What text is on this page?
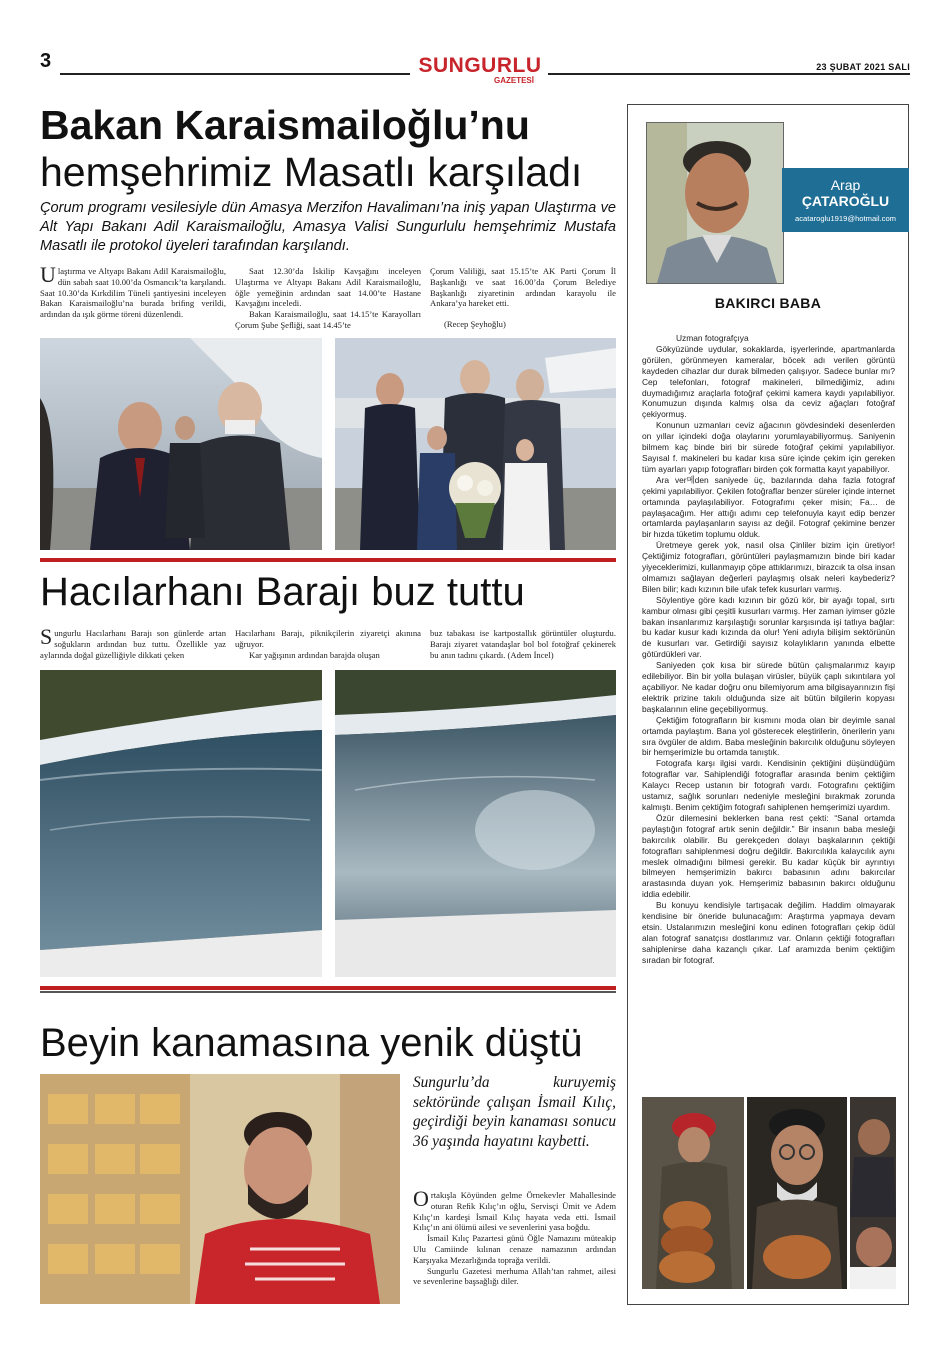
3	SUNGURLU
GAZETESİ
23 ŞUBAT 2021 SALI
Bakan Karaismailoğlu’nu
hemşehrimiz Masatlı karşıladı
Çorum programı vesilesiyle dün Amasya Merzifon Havalimanı’na iniş yapan Ulaştırma ve Alt Yapı Bakanı Adil Karaismailoğlu, Amasya Valisi Sungurlulu hemşehrimiz Mustafa Masatlı ile protokol üyeleri tarafından karşılandı.
Ulaştırma ve Altyapı Bakanı Adil Karaismailoğlu, dün sabah saat 10.00’da Osmancık’ta karşılandı. Saat 10.30’da Kırkdilim Tüneli şantiyesini inceleyen Bakan Karaismailoğlu’na burada briﬁng verildi, ardından da ışık görme töreni düzenlendi.

Saat 12.30’da İskilip Kavşağını inceleyen Ulaştırma ve Altyapı Bakanı Adil Karaismailoğlu, öğle yemeğinin ardından saat 14.00’te Hastane Kavşağını inceledi.

Bakan Karaismailoğlu, saat 14.15’te Karayolları Çorum Şube Şeﬂiği, saat 14.45’te

Çorum Valiliği, saat 15.15’te AK Parti Çorum İl Başkanlığı ve saat 16.00’da Çorum Belediye Başkanlığı ziyaretinin ardından karayolu ile Ankara’ya hareket etti.

(Recep Şeyhoğlu)

Hacılarhanı Barajı buz tuttu
Sungurlu Hacılarhanı Barajı son günlerde artan soğukların ardından buz tuttu. Özellikle yaz aylarında doğal güzelliğiyle dikkati çeken

Hacılarhanı Barajı, piknikçilerin ziyaretçi akınına uğruyor.

Kar yağışının ardından barajda oluşan

buz tabakası ise kartpostallık görüntüler oluşturdu. Barajı ziyaret vatandaşlar bol bol fotoğraf çekinerek bu anın tadını çıkardı. (Adem İncel)

Beyin kanamasına yenik düştü
Sungurlu’da kuruyemiş sektöründe çalışan İsmail Kılıç, geçirdiği beyin kanaması sonucu 36 yaşında hayatını kaybetti.

Ortakışla Köyünden gelme Örnekevler Mahallesinde oturan Reﬁk Kılıç’ın oğlu, Servisçi Ümit ve Adem Kılıç’ın kardeşi İsmail Kılıç hayata veda etti. İsmail Kılıç’ın ani ölümü ailesi ve sevenlerini yasa boğdu.

İsmail Kılıç Pazartesi günü Öğle Namazını müteakip Ulu Camiinde kılınan cenaze namazının ardından Karşıyaka Mezarlığında toprağa verildi.

Sungurlu Gazetesi merhuma Allah’tan rahmet, ailesi ve sevenlerine başsağlığı diler.

Arap
ÇATAROĞLU
acataroglu1919@hotmail.com
BAKIRCI BABA

Uzman fotografçıya

Gökyüzünde uydular, sokaklarda, işyerlerinde, apartmanlarda görülen, görünmeyen kameralar, böcek adı verilen görüntü kaydeden cihazlar dur durak bilmeden çalışıyor. Sadece bunlar mı? Cep telefonları, fotograf makineleri, bilmediğimiz, adını duymadığımız araçlarla fotoğraf çekimi kamera kaydı yapılabiliyor. Konumuzun dışında kalmış olsa da ceviz ağaçları fotoğraf çekiyormuş.

Konunun uzmanları ceviz ağacının gövdesindeki desenlerden on yıllar içindeki doğa olaylarını yorumlayabiliyormuş. Saniyenin bilmem kaç binde biri bir sürede fotoğraf çekimi yapılabiliyor. Sayısal f. makineleri bu kadar kısa süre içinde çekim için gereken tüm ayarları yapıp fotografları birden çok formatta kayıt yapabiliyor.

Ara ver메den saniyede üç, bazılarında daha fazla fotograf çekimi yapılabiliyor. Çekilen fotoğraflar benzer süreler içinde internet ortamında paylaşılabiliyor. Fotografımı çeker misin; Fa… de paylaşacağım. Her attığı adımı cep telefonuyla kayıt edip benzer ortamlarda paylaşanların sayısı az değil. Fotograf çekimine benzer bir hızda tüketim toplumu olduk.

Üretmeye gerek yok, nasıl olsa Çinliler bizim için üretiyor! Çektiğimiz fotografları, görüntüleri paylaşmamızın binde biri kadar yiyeceklerimizi, kullanmayıp çöpe attıklarımızı, birazcık ta olsa insan olmamızı sağlayan değerleri paylaşmış olsak neleri kaybederiz? Bilen bilir; kadı kızının bile ufak tefek kusurları varmış.

Söylentiye göre kadı kızının bir gözü kör, bir ayağı topal, sırtı kambur olması gibi çeşitli kusurları varmış. Her zaman iyimser gözle bakan insanlarımız karşılaştığı sorunlar karşısında işi tatlıya bağlar: bu kadar kusur kadı kızında da olur! Yeni adıyla bilişim sektörünün de kusurları var. Getirdiği sayısız kolaylıkların yanında elbette götürdükleri var.

Saniyeden çok kısa bir sürede bütün çalışmalarımız kayıp edilebiliyor. Bin bir yolla bulaşan virüsler, büyük çaplı sıkıntılara yol açabiliyor. Ne kadar doğru onu bilemiyorum ama bilgisayarınızın fişi elektrik prizine takılı olduğunda size ait bütün bilgilerin kopyası başkalarının eline geçebiliyormuş.

Çektiğim fotografların bir kısmını moda olan bir deyimle sanal ortamda paylaştım. Bana yol gösterecek eleştirilerin, önerilerin yanı sıra övgüler de aldım. Baba mesleğinin bakırcılık olduğunu söyleyen bir hemşerimizle bu ortamda tanıştık.

Fotografa karşı ilgisi vardı. Kendisinin çektiğini düşündüğüm fotograflar var. Sahiplendiği fotograflar arasında benim çektiğim Kalaycı Recep ustanın bir fotografı vardı. Fotografını çektiğim ustamız, sağlık sorunları nedeniyle mesleğini bırakmak zorunda kalmıştı. Benim çektiğim fotografı sahiplenen hemşerimizi uyardım.

Özür dilemesini beklerken bana rest çekti: “Sanal ortamda paylaştığın fotograf artık senin değildir.” Bir insanın baba mesleği bakırcılık olabilir. Bu gerekçeden dolayı başkalarının çektiği fotografları sahiplenmesi doğru değildir. Bakırcılıkla kalaycılık aynı meslek olmadığını bilmesi gerekir. Bu kadar küçük bir ayrıntıyı bilmeyen hemşerimizin bakırcı babasının adını bakırcılar arastasında duyan yok. Hemşerimiz babasının bakırcı olduğunu iddia edebilir.

Bu konuyu kendisiyle tartışacak değilim. Haddim olmayarak kendisine bir öneride bulunacağım: Araştırma yapmaya devam etsin. Ustalarımızın mesleğini konu edinen fotografları çekip ödül alan fotograf sanatçısı dostlarımız var. Onların çektiği fotografları sahiplenirse daha kazançlı çıkar. Laf aramızda benim çektiğim sıradan bir fotograf.
